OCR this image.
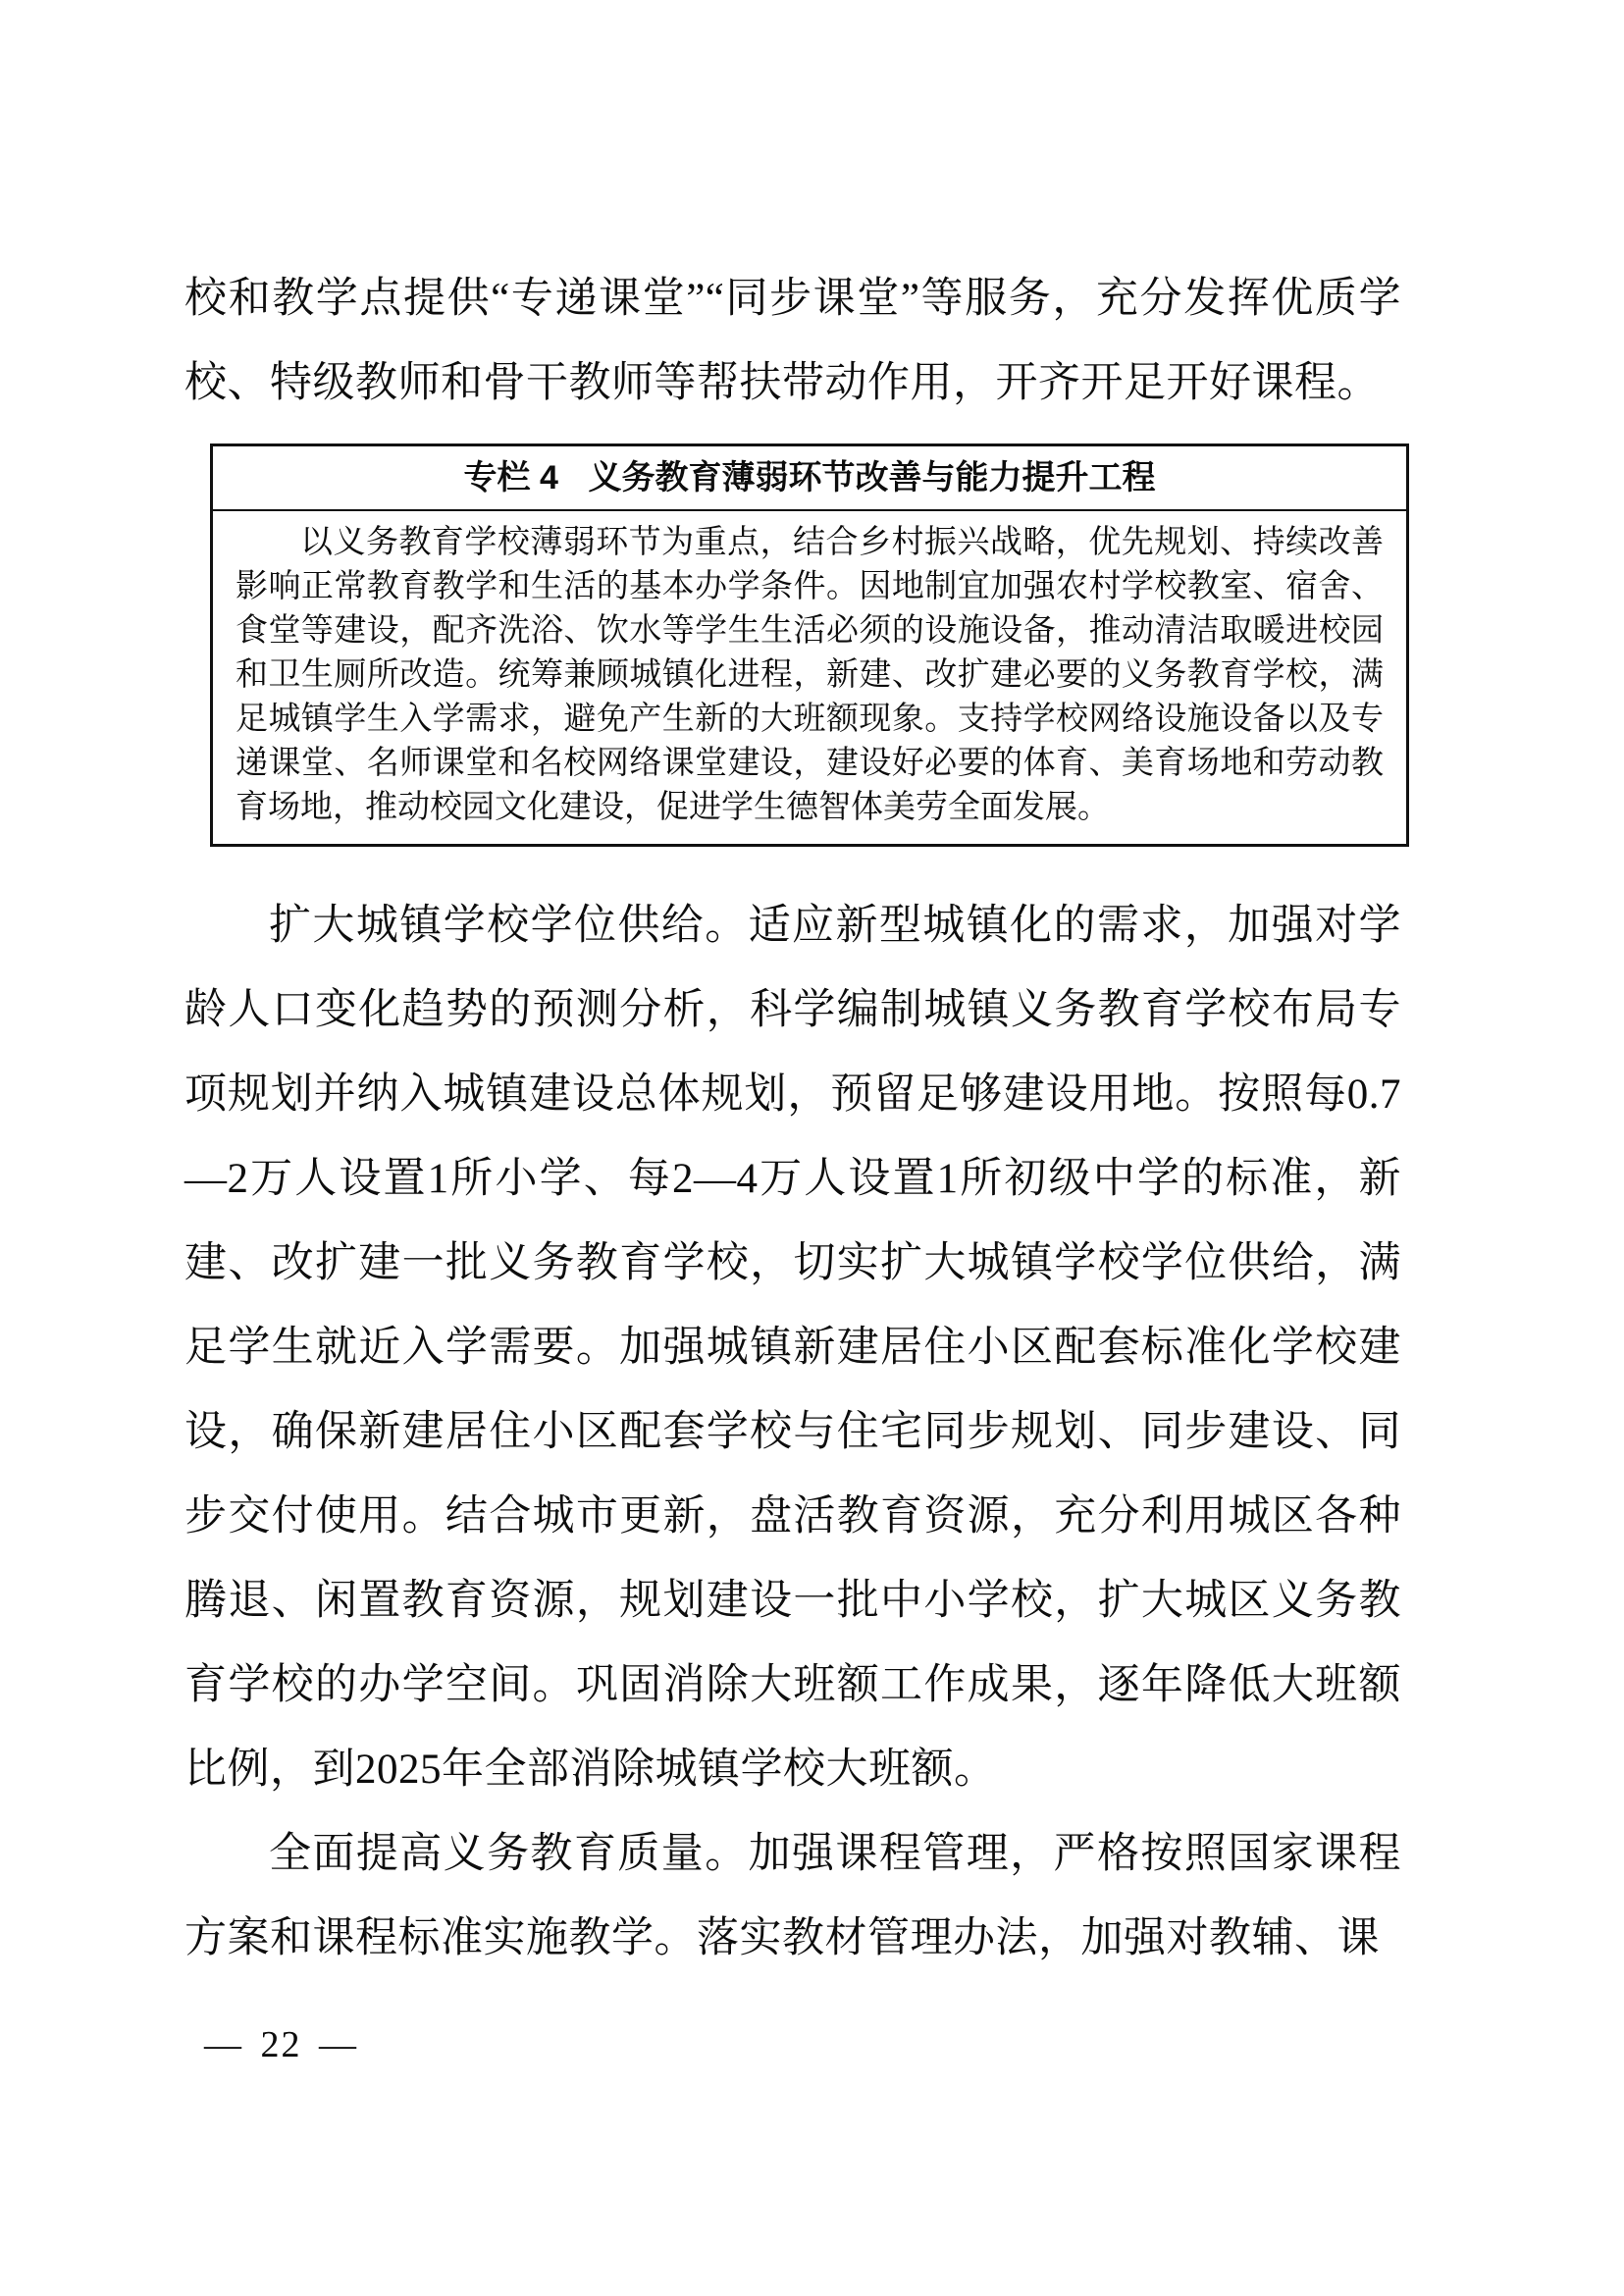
校和教学点提供“专递课堂”“同步课堂”等服务，充分发挥优质学校、特级教师和骨干教师等帮扶带动作用，开齐开足开好课程。

专栏 4 义务教育薄弱环节改善与能力提升工程

以义务教育学校薄弱环节为重点，结合乡村振兴战略，优先规划、持续改善影响正常教育教学和生活的基本办学条件。因地制宜加强农村学校教室、宿舍、食堂等建设，配齐洗浴、饮水等学生生活必须的设施设备，推动清洁取暖进校园和卫生厕所改造。统筹兼顾城镇化进程，新建、改扩建必要的义务教育学校，满足城镇学生入学需求，避免产生新的大班额现象。支持学校网络设施设备以及专递课堂、名师课堂和名校网络课堂建设，建设好必要的体育、美育场地和劳动教育场地，推动校园文化建设，促进学生德智体美劳全面发展。

扩大城镇学校学位供给。适应新型城镇化的需求，加强对学龄人口变化趋势的预测分析，科学编制城镇义务教育学校布局专项规划并纳入城镇建设总体规划，预留足够建设用地。按照每0.7—2万人设置1所小学、每2—4万人设置1所初级中学的标准，新建、改扩建一批义务教育学校，切实扩大城镇学校学位供给，满足学生就近入学需要。加强城镇新建居住小区配套标准化学校建设，确保新建居住小区配套学校与住宅同步规划、同步建设、同步交付使用。结合城市更新，盘活教育资源，充分利用城区各种腾退、闲置教育资源，规划建设一批中小学校，扩大城区义务教育学校的办学空间。巩固消除大班额工作成果，逐年降低大班额比例，到2025年全部消除城镇学校大班额。

全面提高义务教育质量。加强课程管理，严格按照国家课程方案和课程标准实施教学。落实教材管理办法，加强对教辅、课

— 22 —
